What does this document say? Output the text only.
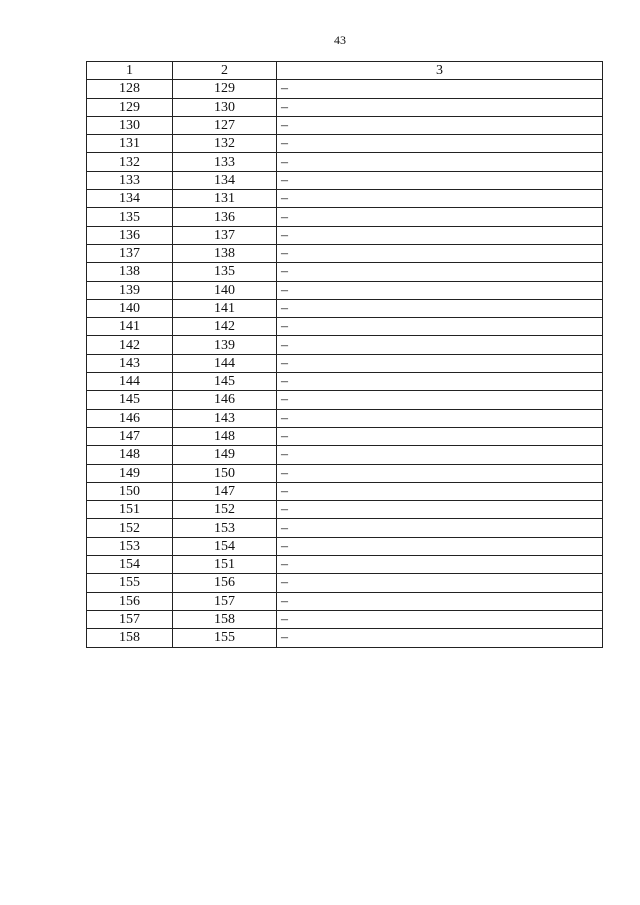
43
1	2	3
128	129	–
129	130	–
130	127	–
131	132	–
132	133	–
133	134	–
134	131	–
135	136	–
136	137	–
137	138	–
138	135	–
139	140	–
140	141	–
141	142	–
142	139	–
143	144	–
144	145	–
145	146	–
146	143	–
147	148	–
148	149	–
149	150	–
150	147	–
151	152	–
152	153	–
153	154	–
154	151	–
155	156	–
156	157	–
157	158	–
158	155	–
